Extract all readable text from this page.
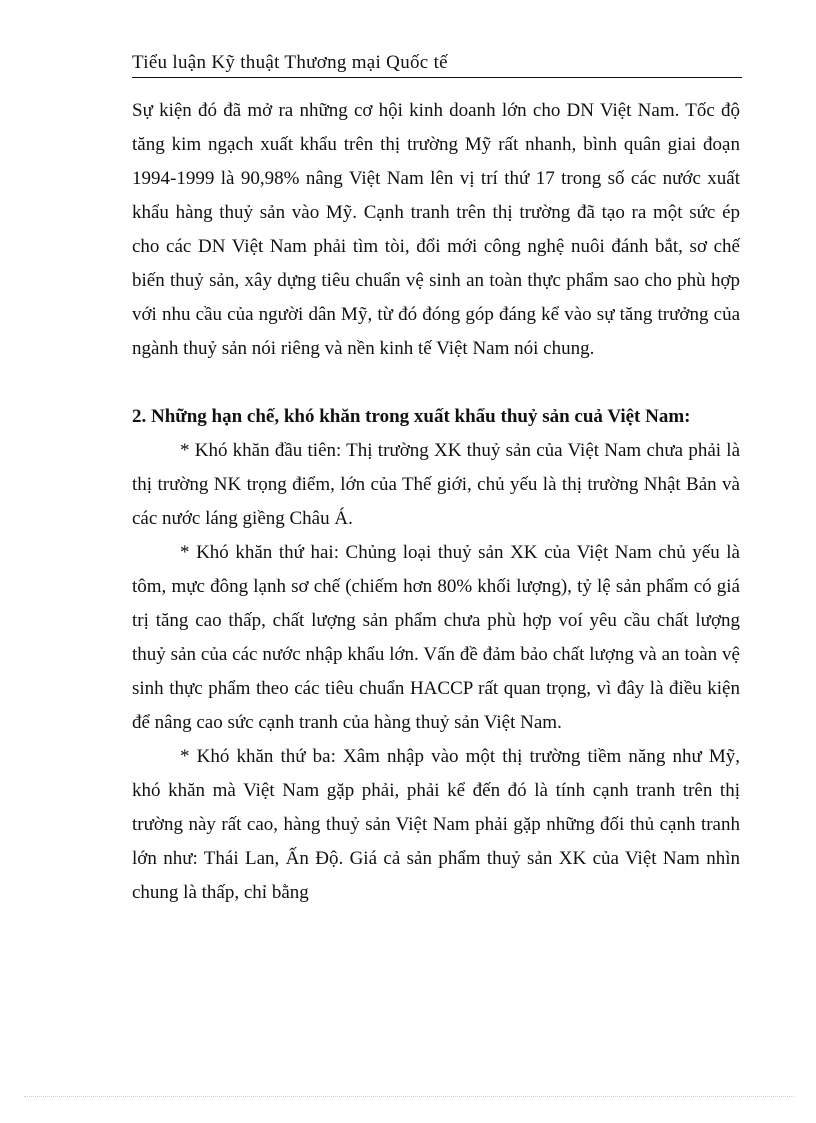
Tiểu luận Kỹ thuật Thương mại Quốc tế

Sự kiện đó đã mở ra những cơ hội kinh doanh lớn cho DN Việt Nam. Tốc độ tăng kim ngạch xuất khẩu trên thị trường Mỹ rất nhanh, bình quân giai đoạn 1994-1999 là 90,98% nâng Việt Nam lên vị trí thứ 17 trong số các nước xuất khẩu hàng thuỷ sản vào Mỹ. Cạnh tranh trên thị trường đã tạo ra một sức ép cho các DN Việt Nam phải tìm tòi, đổi mới công nghệ nuôi đánh bắt, sơ chế biến thuỷ sản, xây dựng tiêu chuẩn vệ sinh an toàn thực phẩm sao cho phù hợp với nhu cầu của người dân Mỹ, từ đó đóng góp đáng kể vào sự tăng trưởng của ngành thuỷ sản nói riêng và nền kinh tế Việt Nam nói chung.

2. Những hạn chế, khó khăn trong xuất khẩu thuỷ sản cuả Việt Nam:

* Khó khăn đầu tiên: Thị trường XK thuỷ sản của Việt Nam chưa phải là thị trường NK trọng điểm, lớn của Thế giới, chủ yếu là thị trường Nhật Bản và các nước láng giềng Châu Á.

* Khó khăn thứ hai: Chủng loại thuỷ sản XK của Việt Nam chủ yếu là tôm, mực đông lạnh sơ chế (chiếm hơn 80% khối lượng), tỷ lệ sản phẩm có giá trị tăng cao thấp, chất lượng sản phẩm chưa phù hợp voí yêu cầu chất lượng thuỷ sản của các nước nhập khẩu lớn. Vấn đề đảm bảo chất lượng và an toàn vệ sinh thực phẩm theo các tiêu chuẩn HACCP rất quan trọng, vì đây là điều kiện để nâng cao sức cạnh tranh của hàng thuỷ sản Việt Nam.

* Khó khăn thứ ba: Xâm nhập vào một thị trường tiềm năng như Mỹ, khó khăn mà Việt Nam gặp phải, phải kể đến đó là tính cạnh tranh trên thị trường này rất cao, hàng thuỷ sản Việt Nam phải gặp những đối thủ cạnh tranh lớn như: Thái Lan, Ấn Độ. Giá cả sản phẩm thuỷ sản XK của Việt Nam nhìn chung là thấp, chỉ bằng
